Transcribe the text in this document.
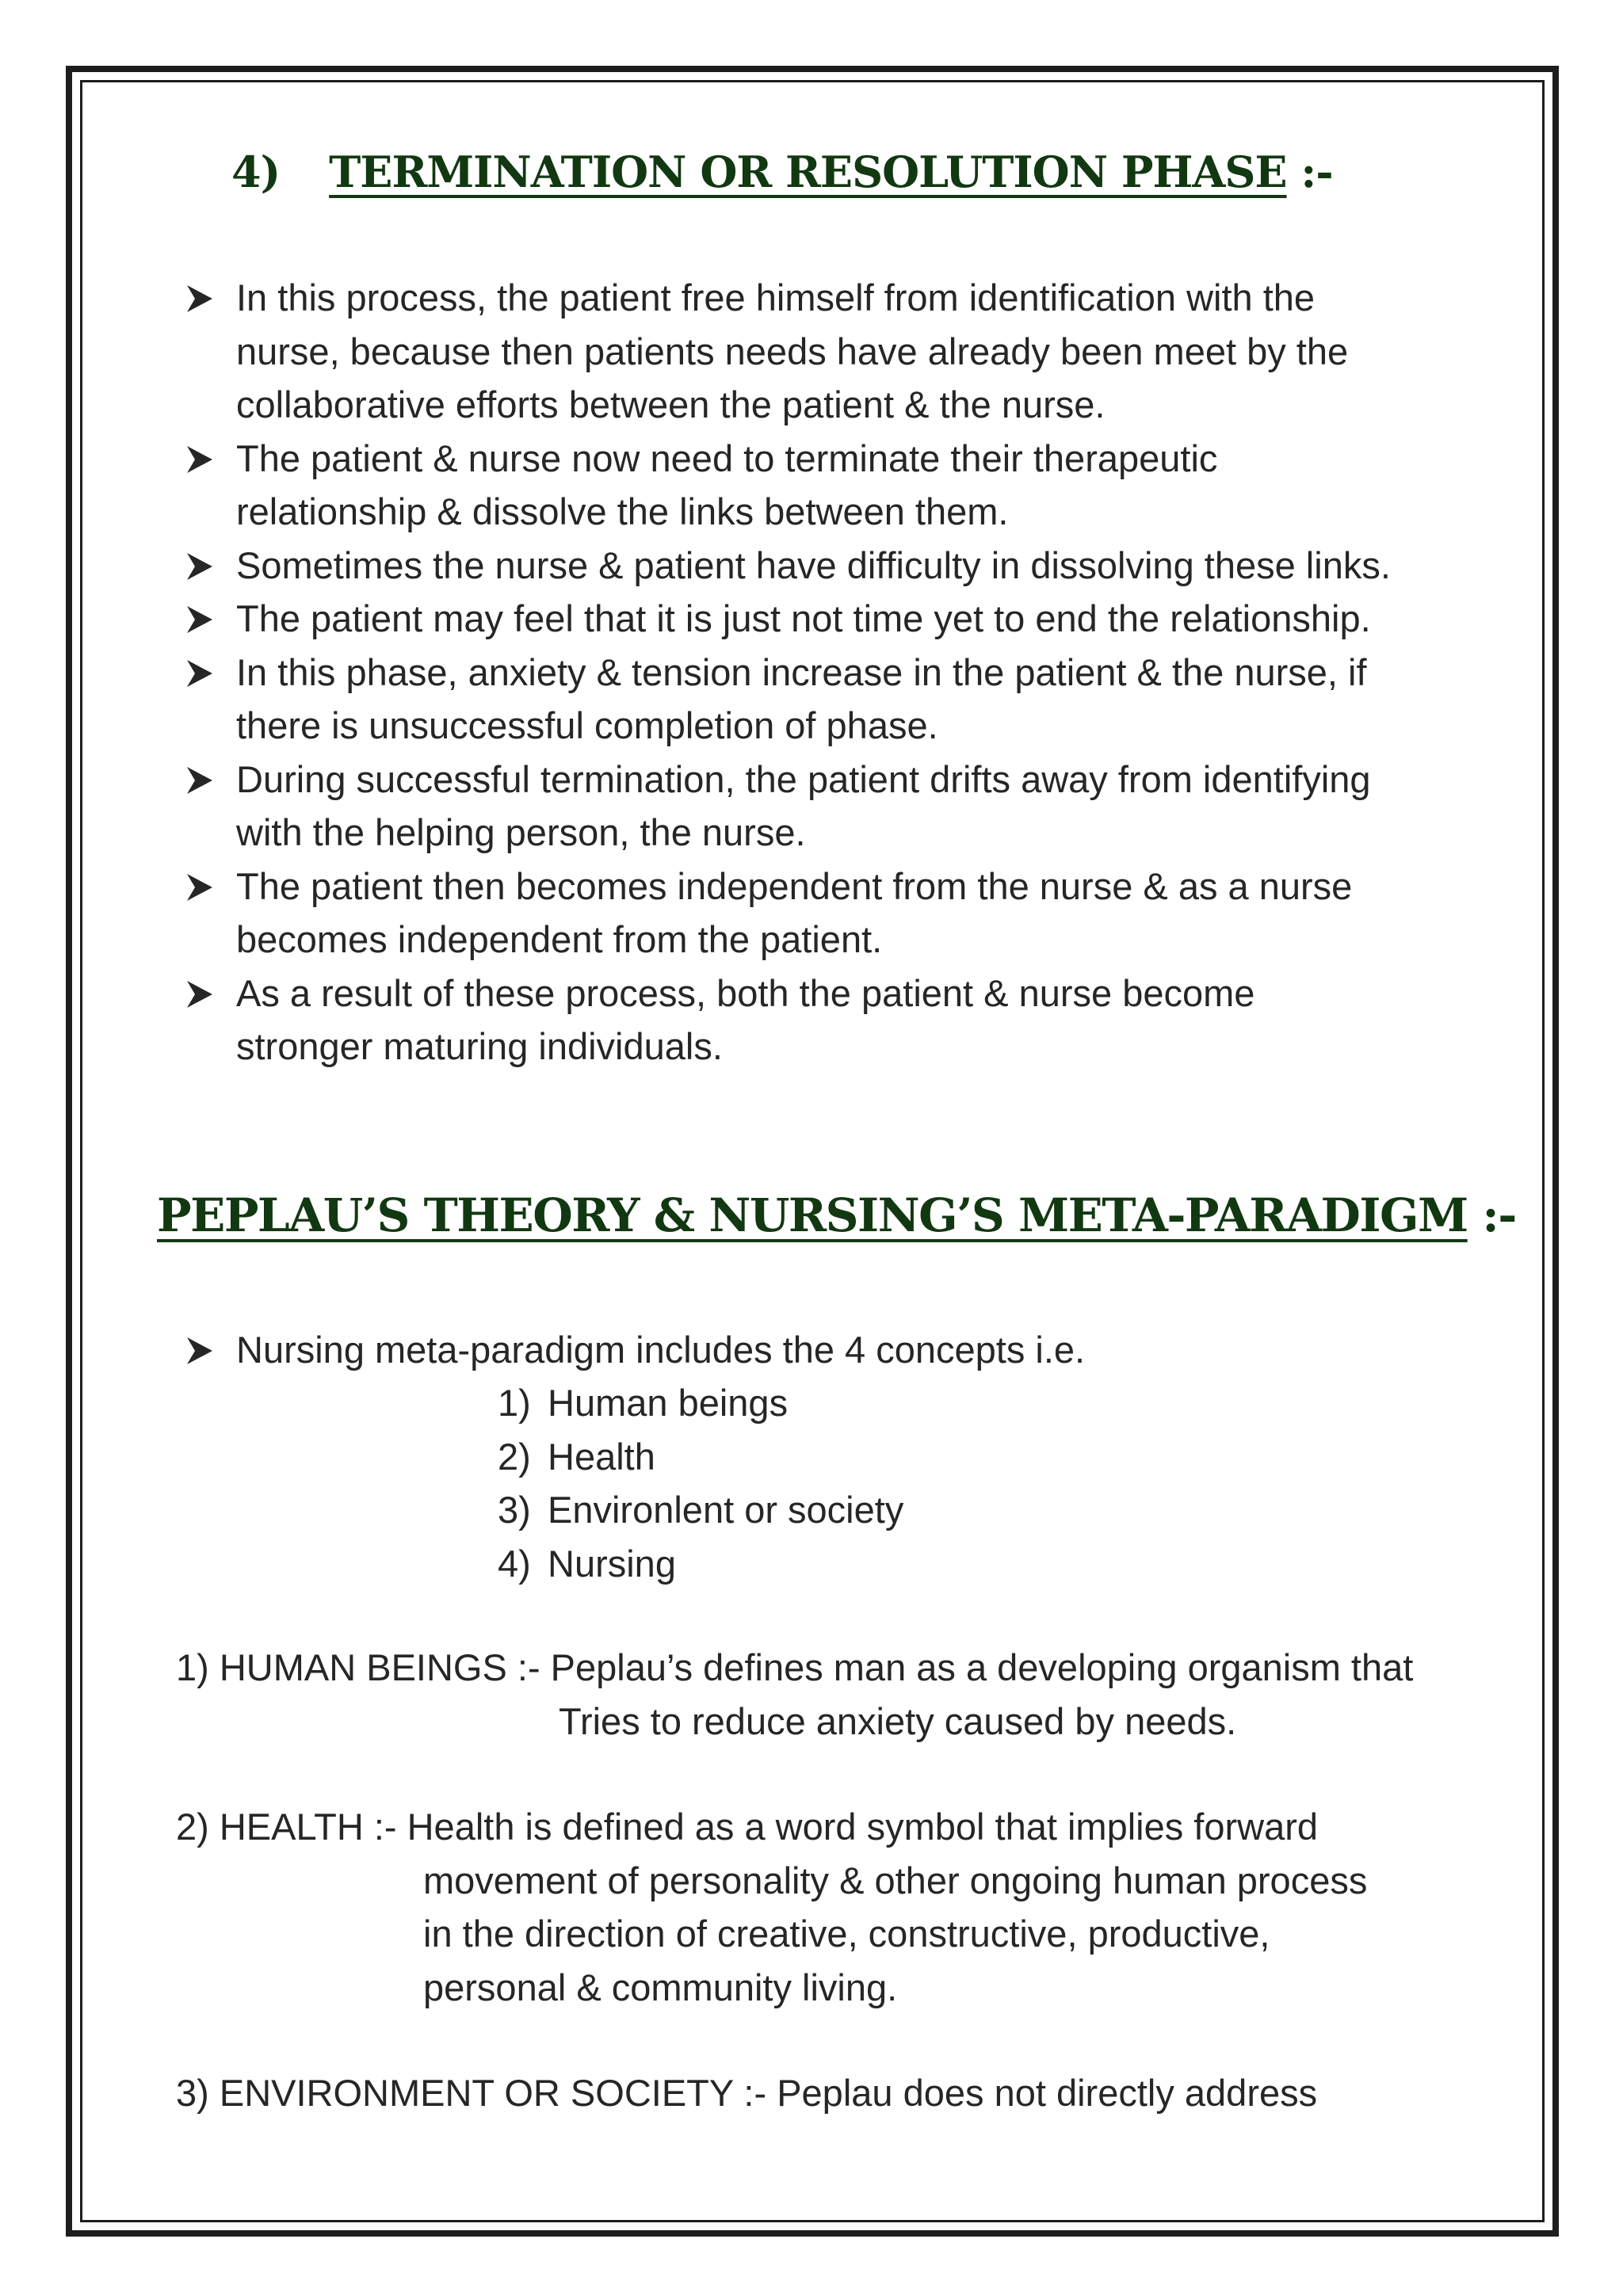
4) TERMINATION OR RESOLUTION PHASE :-
In this process, the patient free himself from identification with the
nurse, because then patients needs have already been meet by the
collaborative efforts between the patient & the nurse.
The patient & nurse now need to terminate their therapeutic
relationship & dissolve the links between them.
Sometimes the nurse & patient have difficulty in dissolving these links.
The patient may feel that it is just not time yet to end the relationship.
In this phase, anxiety & tension increase in the patient & the nurse, if
there is unsuccessful completion of phase.
During successful termination, the patient drifts away from identifying
with the helping person, the nurse.
The patient then becomes independent from the nurse & as a nurse
becomes independent from the patient.
As a result of these process, both the patient & nurse become
stronger maturing individuals.
PEPLAU’S THEORY & NURSING’S META-PARADIGM :-
Nursing meta-paradigm includes the 4 concepts i.e.
1) Human beings
2) Health
3) Environlent or society
4) Nursing
1) HUMAN BEINGS :- Peplau’s defines man as a developing organism that
Tries to reduce anxiety caused by needs.
2) HEALTH :- Health is defined as a word symbol that implies forward
movement of personality & other ongoing human process
in the direction of creative, constructive, productive,
personal & community living.
3) ENVIRONMENT OR SOCIETY :- Peplau does not directly address
